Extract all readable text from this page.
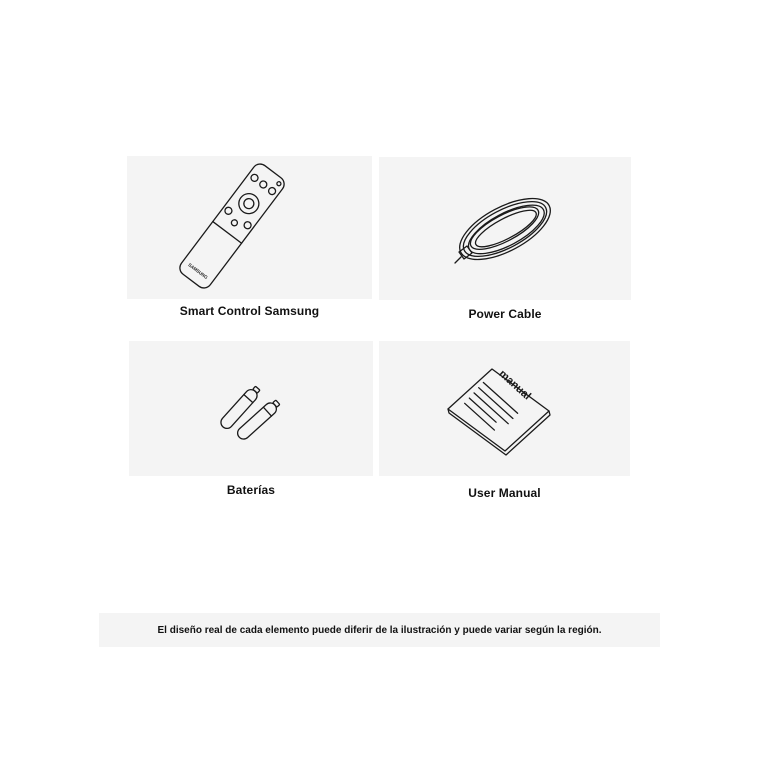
SAMSUNG
Smart Control Samsung	Power Cable
Baterías
manual
User Manual
El diseño real de cada elemento puede diferir de la ilustración y puede variar según la región.
